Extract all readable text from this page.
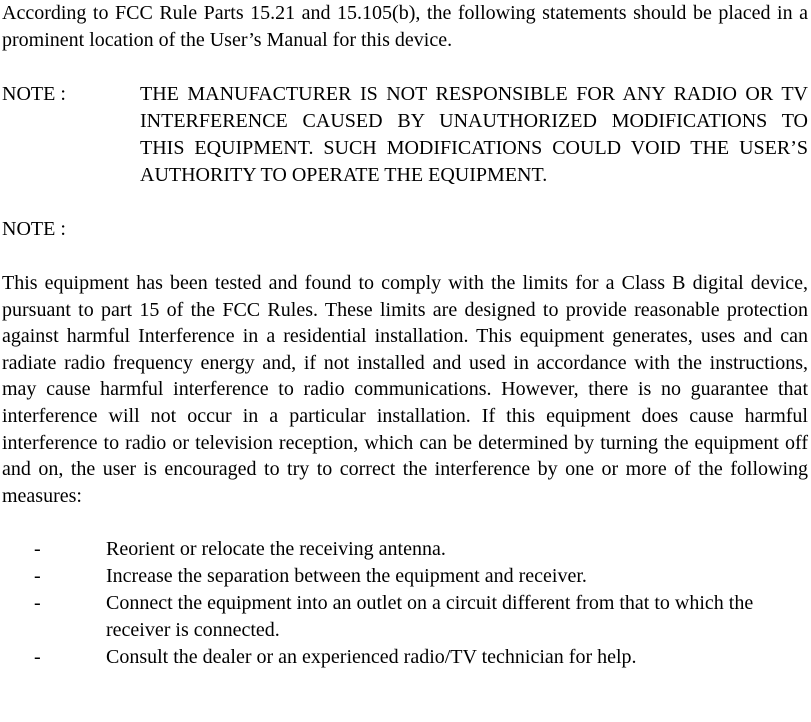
According to FCC Rule Parts 15.21 and 15.105(b), the following statements should be placed in a prominent location of the User’s Manual for this device.

NOTE :	THE MANUFACTURER IS NOT RESPONSIBLE FOR ANY RADIO OR TV INTERFERENCE CAUSED BY UNAUTHORIZED MODIFICATIONS TO THIS EQUIPMENT. SUCH MODIFICATIONS COULD VOID THE USER’S AUTHORITY TO OPERATE THE EQUIPMENT.
NOTE :

This equipment has been tested and found to comply with the limits for a Class B digital device, pursuant to part 15 of the FCC Rules. These limits are designed to provide reasonable protection against harmful Interference in a residential installation. This equipment generates, uses and can radiate radio frequency energy and, if not installed and used in accordance with the instructions, may cause harmful interference to radio communications. However, there is no guarantee that interference will not occur in a particular installation. If this equipment does cause harmful interference to radio or television reception, which can be determined by turning the equipment off and on, the user is encouraged to try to correct the interference by one or more of the following measures:

-	Reorient or relocate the receiving antenna.
-	Increase the separation between the equipment and receiver.
-	Connect the equipment into an outlet on a circuit different from that to which the receiver is connected.
-	Consult the dealer or an experienced radio/TV technician for help.
